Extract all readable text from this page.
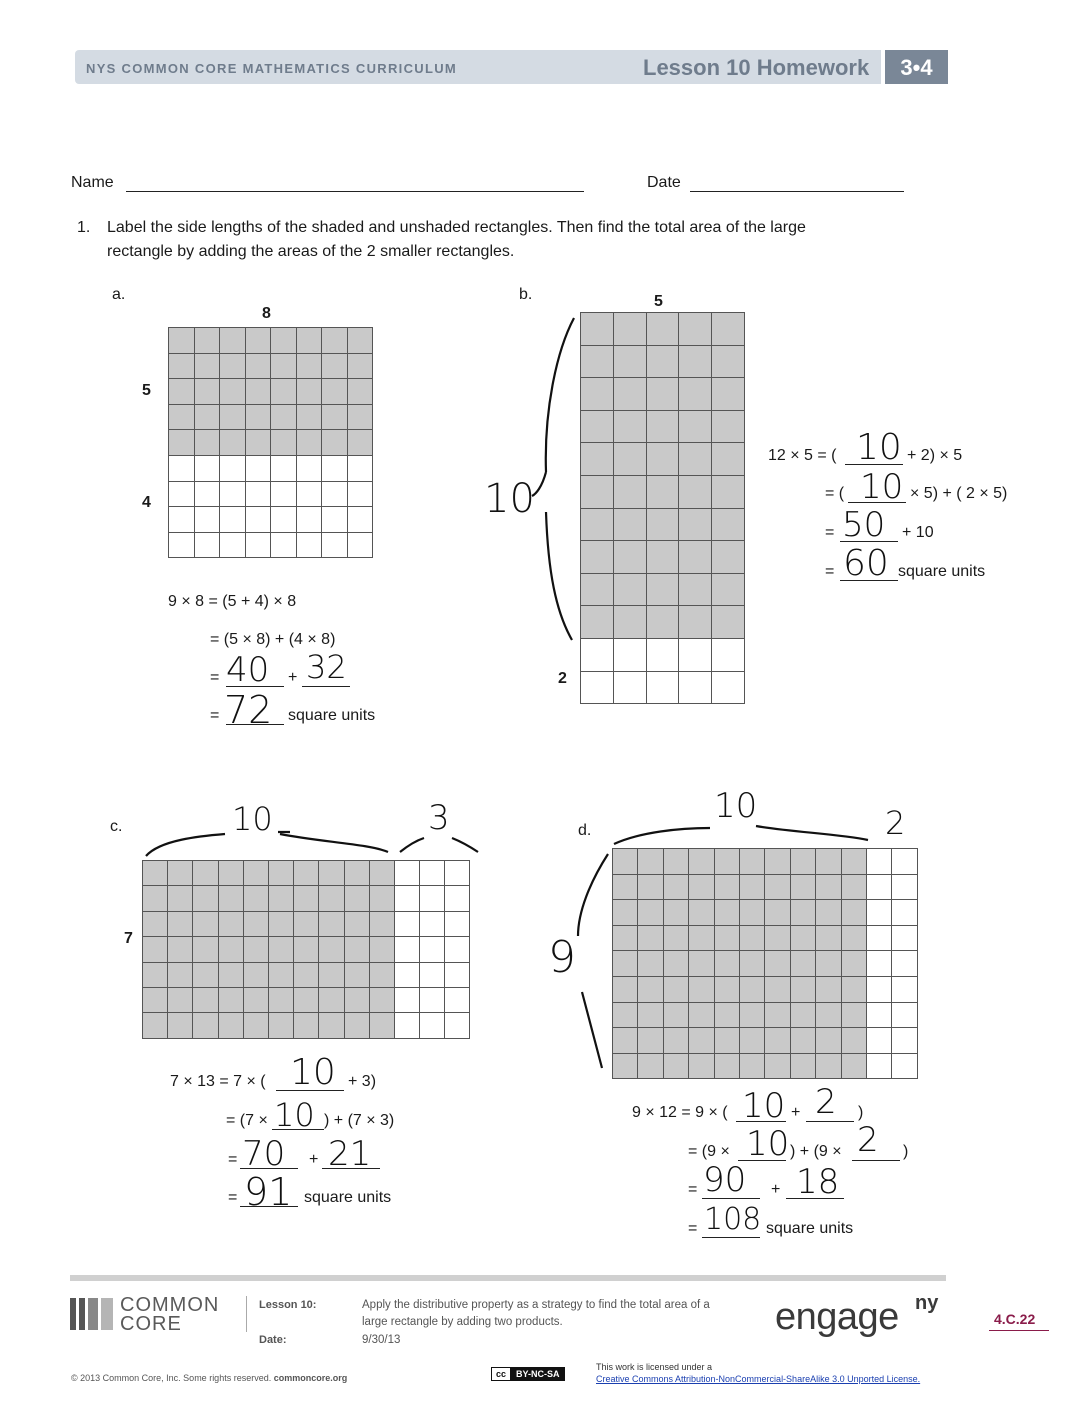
NYS COMMON CORE MATHEMATICS CURRICULUM	Lesson 10 Homework	3•4
Name	Date
1. Label the side lengths of the shaded and unshaded rectangles. Then find the total area of the large
rectangle by adding the areas of the 2 smaller rectangles.
a.
8
5
4

9 × 8 = (5 + 4) × 8
= (5 × 8) + (4 × 8)
=	+
=	square units
40 32
72
b.	5
2

10
12 × 5 = (	+ 2) × 5
= (	× 5) + ( 2 × 5)
=	+ 10
=	square units
10
10
50
60
c.
7

10	3
7 × 13 = 7 × (	+ 3)
= (7 ×	) + (7 × 3)
=	+
=	square units
10
10
70 21
91
d.

10	2
9
9 × 12 = 9 × (	+	)
= (9 ×	) + (9 ×	)
=	+
=	square units
10 2
10 2
90 18
108
COMMON
CORE
Lesson 10:
Date:
Apply the distributive property as a strategy to find the total area of a
large rectangle by adding two products.
9/30/13
engage ny
4.C.22
© 2013 Common Core, Inc. Some rights reserved. commoncore.org	cc BY-NC-SA
This work is licensed under a
Creative Commons Attribution-NonCommercial-ShareAlike 3.0 Unported License.
